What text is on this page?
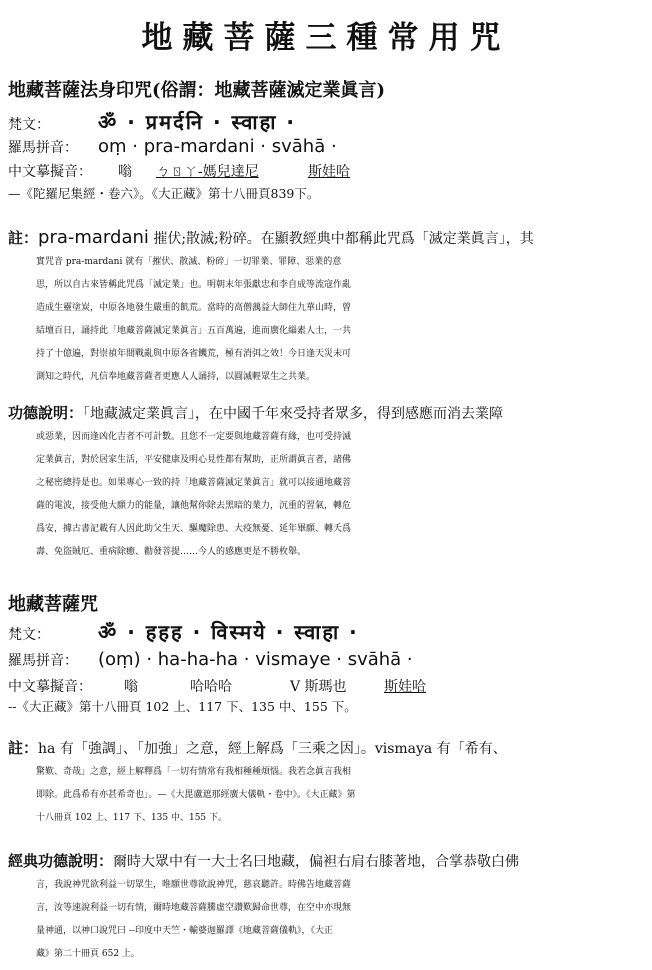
地藏菩薩三種常用咒
地藏菩薩法身印咒(俗謂：地藏菩薩滅定業眞言)
梵文： ॐ · प्रमर्दनि · स्वाहा ·
羅馬拼音： oṃ · pra-mardani · svāhā ·
中文摹擬音： 嗡 ㄅㄖㄚ-媽兒達尼	斯娃哈
—《陀羅尼集經・卷六》。《大正藏》第十八冊頁839下。
註：pra-mardani 摧伏;散滅;粉碎。在顯教經典中都稱此咒爲「滅定業眞言」，其
實咒音 pra-mardani 就有「摧伏、散滅、粉碎」一切罪業、罪障、惡業的意
思，所以自古來皆稱此咒爲「滅定業」也。明朝末年張獻忠和李自成等流寇作亂
造成生靈塗炭，中原各地發生嚴重的飢荒。當時的高僧蕅益大師住九華山時，曾
結壇百日，誦持此「地藏菩薩滅定業眞言」五百萬遍，進而廣化緇素人士，一共
持了十億遍，對崇禎年間戰亂與中原各省饑荒，極有消弭之效！今日逢天災未可
測知之時代，凡信奉地藏菩薩者更應人人誦持，以圓滅輕眾生之共業。
功德說明：「地藏滅定業眞言」，在中國千年來受持者眾多，得到感應而消去業障
或惡業，因而逢凶化吉者不可計數。且您不一定要與地藏菩薩有緣，也可受持滅
定業眞言，對於居家生活，平安健康及明心見性都有幫助，正所謂眞言者，諸佛
之秘密總持是也。如果專心一致的持「地藏菩薩滅定業眞言」就可以接通地藏菩
薩的電波，接受他大願力的能量，讓他幫你除去黑暗的業力，沉重的習氣，轉危
爲安，據古書記載有人因此助父生天、驅魔除患、大疫無憂、延年畢願、轉夭爲
壽、免盜賊厄、重病除癒、勸發菩提……今人的感應更是不勝枚舉。
地藏菩薩咒
梵文： ॐ · हहह · विस्मये · स्वाहा ·
羅馬拼音： (oṃ) · ha-ha-ha · vismaye · svāhā ·
中文摹擬音： 嗡	哈哈哈	V 斯瑪也	斯娃哈
--《大正藏》第十八冊頁 102 上、117 下、135 中、155 下。
註：ha 有「強調」、「加強」之意，經上解爲「三乘之因」。vismaya 有「希有、
驚歎、奇哉」之意，經上解釋爲「一切有情常有我相種種煩惱。我若念眞言我相
即除。此爲希有亦甚希奇也」。—《大毘盧遮那經廣大儀軌・卷中》。《大正藏》第
十八冊頁 102 上、117 下、135 中、155 下。
經典功德說明：爾時大眾中有一大士名曰地藏，偏袒右肩右膝著地，合掌恭敬白佛
言，我說神咒欲利益一切眾生，唯願世尊欲說神咒，慈哀聽許。時佛告地藏菩薩
言，汝等速說利益一切有情，爾時地藏菩薩騰虛空讚歎歸命世尊，在空中亦現無
量神通，以神口說咒曰 --印度中天竺・輸婆迦羅譯《地藏菩薩儀軌》，《大正
藏》第二十冊頁 652 上。
